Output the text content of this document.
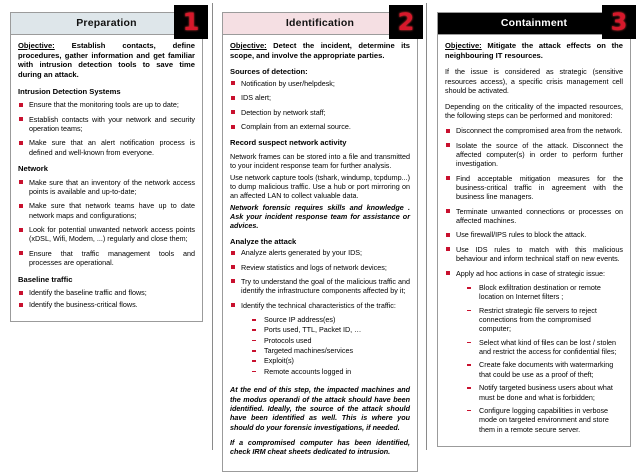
Preparation	1

Objective: Establish contacts, define procedures, gather information and get familiar with intrusion detection tools to save time during an attack.

Intrusion Detection Systems
Ensure that the monitoring tools are up to date;
Establish contacts with your network and security operation teams;
Make sure that an alert notification process is defined and well-known from everyone.
Network
Make sure that an inventory of the network access points is available and up-to-date;
Make sure that network teams have up to date network maps and configurations;
Look for potential unwanted network access points (xDSL, Wifi, Modem, ...) regularly and close them;
Ensure that traffic management tools and processes are operational.
Baseline traffic
Identify the baseline traffic and flows;
Identify the business-critical flows.
Identification	2

Objective: Detect the incident, determine its scope, and involve the appropriate parties.

Sources of detection:
Notification by user/helpdesk;
IDS alert;
Detection by network staff;
Complain from an external source.
Record suspect network activity

Network frames can be stored into a file and transmitted to your incident response team for further analysis.

Use network capture tools (tshark, windump, tcpdump...) to dump malicious traffic. Use a hub or port mirroring on an affected LAN to collect valuable data.

Network forensic requires skills and knowledge . Ask your incident response team for assistance or advices.

Analyze the attack
Analyze alerts generated by your IDS;
Review statistics and logs of network devices;
Try to understand the goal of the malicious traffic and identify the infrastructure components affected by it;
Identify the technical characteristics of the traffic:
Source IP address(es)
Ports used, TTL, Packet ID, …
Protocols used
Targeted machines/services
Exploit(s)
Remote accounts logged in

At the end of this step, the impacted machines and the modus operandi of the attack should have been identified. Ideally, the source of the attack should have been identified as well. This is where you should do your forensic investigations, if needed.

If a compromised computer has been identified, check IRM cheat sheets dedicated to intrusion.

Containment	3

Objective: Mitigate the attack effects on the neighbouring IT resources.

If the issue is considered as strategic (sensitive resources access), a specific crisis management cell should be activated.

Depending on the criticality of the impacted resources, the following steps can be performed and monitored:

Disconnect the compromised area from the network.
Isolate the source of the attack. Disconnect the affected computer(s) in order to perform further investigation.
Find acceptable mitigation measures for the business-critical traffic in agreement with the business line managers.
Terminate unwanted connections or processes on affected machines.
Use firewall/IPS rules to block the attack.
Use IDS rules to match with this malicious behaviour and inform technical staff on new events.
Apply ad hoc actions in case of strategic issue:
Block exfiltration destination or remote location on Internet filters ;
Restrict strategic file servers to reject connections from the compromised computer;
Select what kind of files can be lost / stolen and restrict the access for confidential files;
Create fake documents with watermarking that could be use as a proof of theft;
Notify targeted business users about what must be done and what is forbidden;
Configure logging capabilities in verbose mode on targeted environment and store them in a remote secure server.
